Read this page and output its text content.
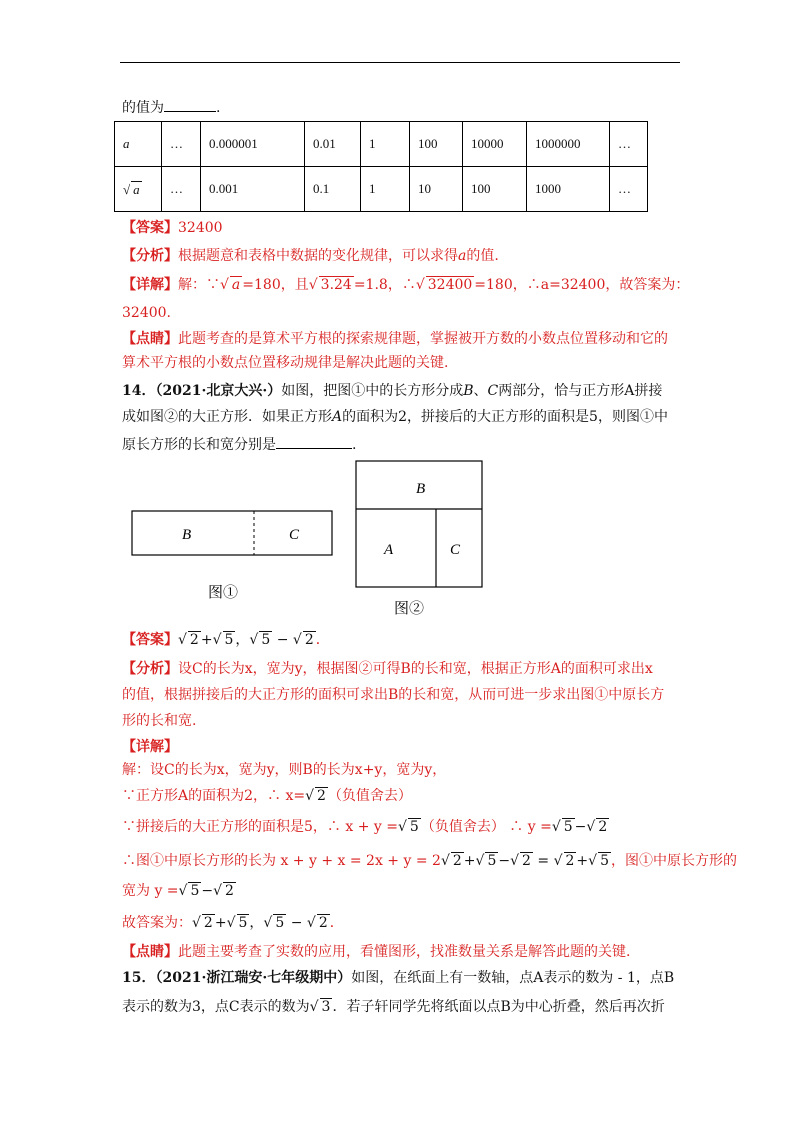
的值为	.
a	…	0.000001	0.01	1	100	10000	1000000	…
√ a	…	0.001	0.1	1	10	100	1000	…
【答案】32400
【分析】根据题意和表格中数据的变化规律，可以求得a的值.
【详解】解：∵ √ a =180，且 √ 3.24 =1.8，∴ √ 32400 =180，∴a=32400，故答案为：
32400.
【点睛】此题考查的是算术平方根的探索规律题，掌握被开方数的小数点位置移动和它的
算术平方根的小数点位置移动规律是解决此题的关键.
14．（2021·北京大兴·）如图，把图①中的长方形分成B、C两部分，恰与正方形A拼接
成如图②的大正方形．如果正方形A的面积为2，拼接后的大正方形的面积是5，则图①中
原长方形的长和宽分别是	.
B	C
图①
B
A	C
图②
【答案】 √ 2 + √ 5 ， √ 5 − √ 2 ．
【分析】设C的长为x，宽为y，根据图②可得B的长和宽，根据正方形A的面积可求出x
的值，根据拼接后的大正方形的面积可求出B的长和宽，从而可进一步求出图①中原长方
形的长和宽.
【详解】
解：设C的长为x，宽为y，则B的长为x+y，宽为y，
∵正方形A的面积为2，∴ x= √ 2 （负值舍去）
∵拼接后的大正方形的面积是5，∴ x + y = √ 5 （负值舍去） ∴ y = √ 5 − √ 2
∴图①中原长方形的长为 x + y + x = 2x + y = 2 √ 2 + √ 5 − √ 2 = √ 2 + √ 5 ，图①中原长方形的
宽为 y = √ 5 − √ 2
故答案为： √ 2 + √ 5 ， √ 5 − √ 2 ．
【点睛】此题主要考查了实数的应用，看懂图形，找准数量关系是解答此题的关键.
15．（2021·浙江瑞安·七年级期中）如图，在纸面上有一数轴，点A表示的数为 - 1，点B
表示的数为3，点C表示的数为 √ 3 ．若子轩同学先将纸面以点B为中心折叠，然后再次折
